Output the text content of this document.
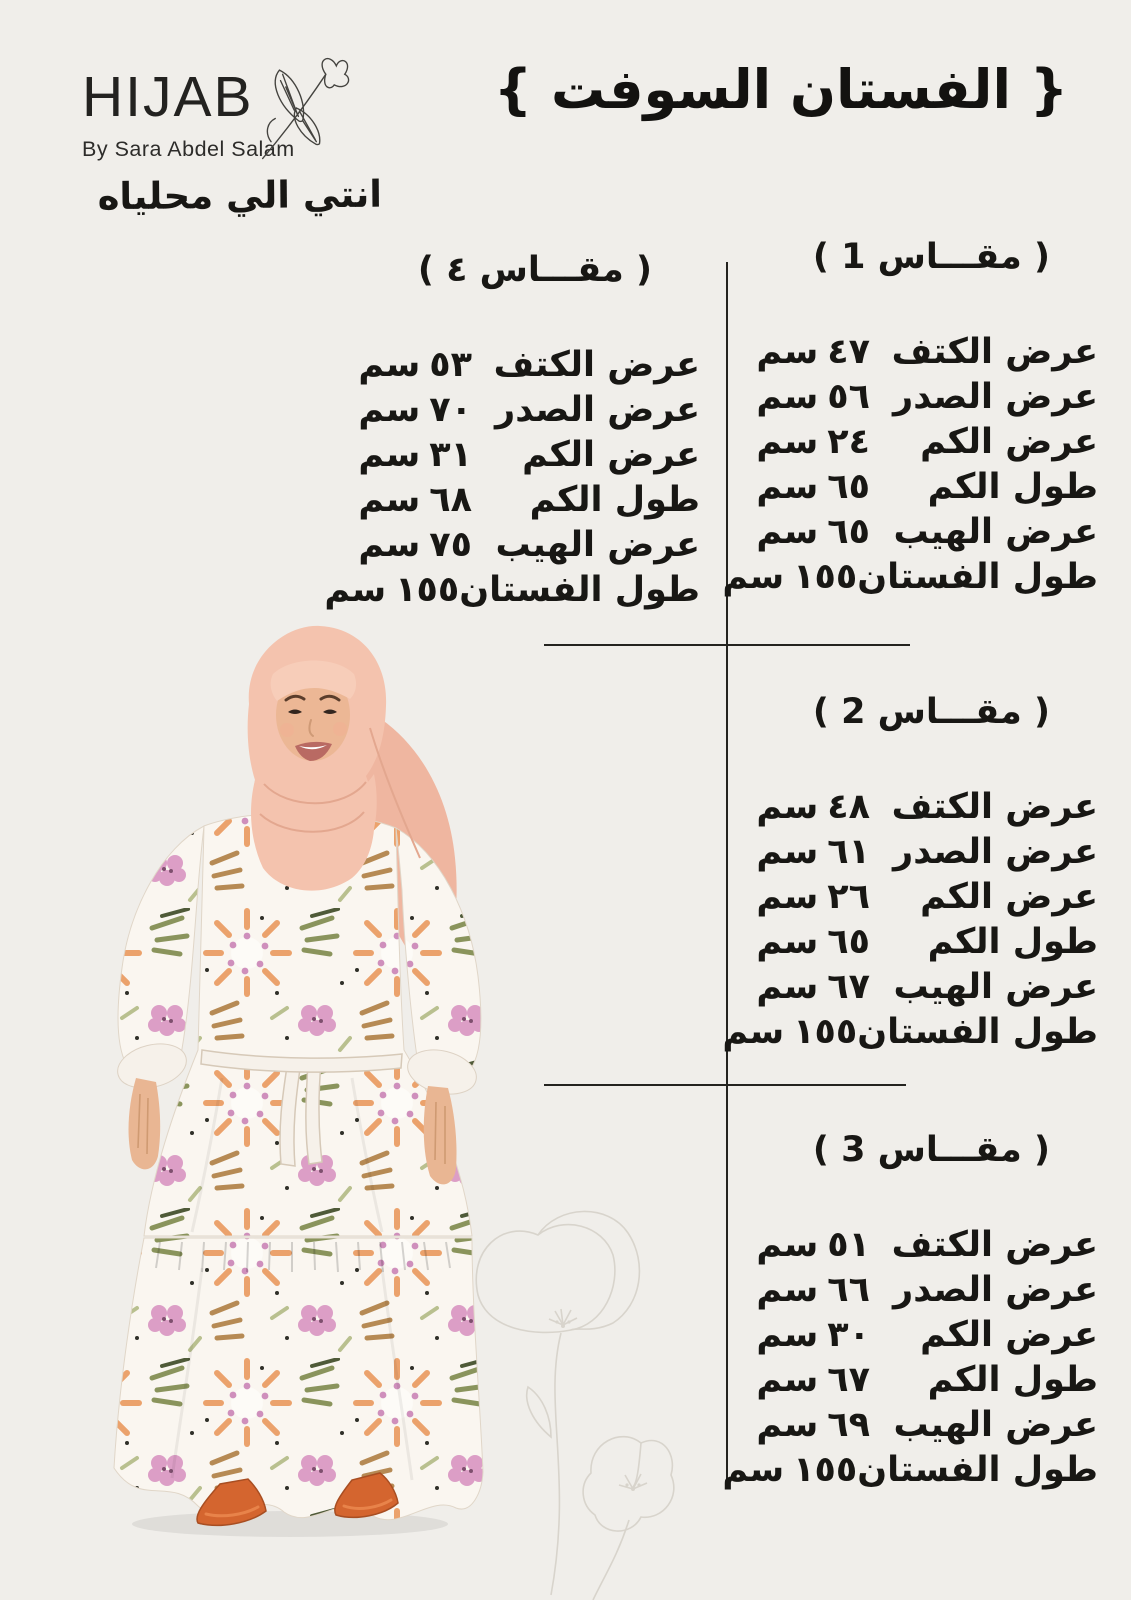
HIJAB
By Sara Abdel Salam
انتي الي محلياه
{ الفستان السوفت }
( مقـــاس 1 )
عرض الكتف
٤٧
سم
عرض الصدر
٥٦
سم
عرض الكم
٢٤
سم
طول الكم
٦٥
سم
عرض الهيب
٦٥
سم
طول الفستان
١٥٥
سم
( مقـــاس ٤ )
عرض الكتف
٥٣
سم
عرض الصدر
٧٠
سم
عرض الكم
٣١
سم
طول الكم
٦٨
سم
عرض الهيب
٧٥
سم
طول الفستان
١٥٥
سم
( مقـــاس 2 )
عرض الكتف
٤٨
سم
عرض الصدر
٦١
سم
عرض الكم
٢٦
سم
طول الكم
٦٥
سم
عرض الهيب
٦٧
سم
طول الفستان
١٥٥
سم
( مقـــاس 3 )
عرض الكتف
٥١
سم
عرض الصدر
٦٦
سم
عرض الكم
٣٠
سم
طول الكم
٦٧
سم
عرض الهيب
٦٩
سم
طول الفستان
١٥٥
سم
